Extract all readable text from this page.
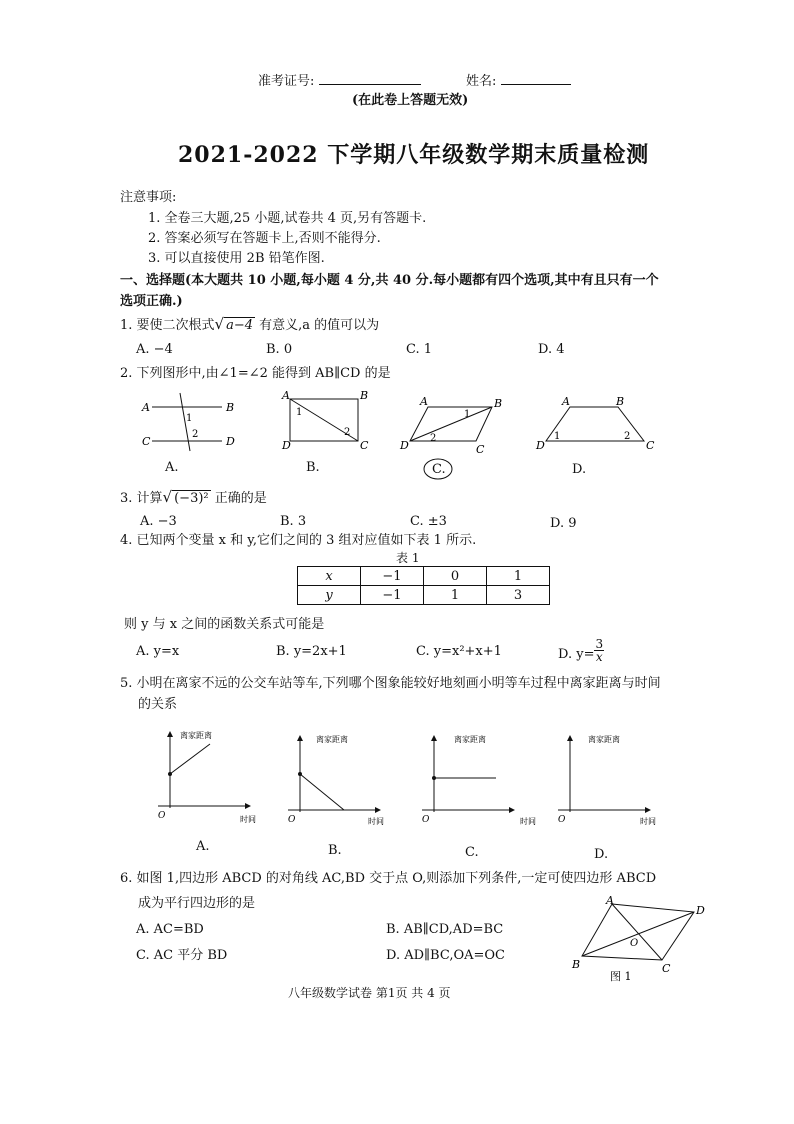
准考证号:	姓名:
(在此卷上答题无效)
2021-2022 下学期八年级数学期末质量检测
注意事项:
1. 全卷三大题,25 小题,试卷共 4 页,另有答题卡.
2. 答案必须写在答题卡上,否则不能得分.
3. 可以直接使用 2B 铅笔作图.
一、选择题(本大题共 10 小题,每小题 4 分,共 40 分.每小题都有四个选项,其中有且只有一个
选项正确.)
1. 要使二次根式√ a−4 有意义,a 的值可以为
A. −4	B. 0	C. 1	D. 4
2. 下列图形中,由∠1=∠2 能得到 AB∥CD 的是
A	B
C	D
1
2
A	B
D	C
1
2
A	B
D	C
1
2
A	B
D	C
1	2
A.	B.	C.	D.
3. 计算√ (−3)² 正确的是
A. −3	B. 3	C. ±3	D. 9
4. 已知两个变量 x 和 y,它们之间的 3 组对应值如下表 1 所示.
表 1
x	−1	0	1
y	−1	1	3
则 y 与 x 之间的函数关系式可能是
A. y=x	B. y=2x+1	C. y=x²+x+1	D. $y= \frac{3}{x}$
5. 小明在离家不远的公交车站等车,下列哪个图象能较好地刻画小明等车过程中离家距离与时间
的关系
离家距离
时间
O
离家距离
时间
O
离家距离
时间
O
离家距离
时间
O
A.	B.	C.	D.
6. 如图 1,四边形 ABCD 的对角线 AC,BD 交于点 O,则添加下列条件,一定可使四边形 ABCD
成为平行四边形的是
A. AC=BD	B. AB∥CD,AD=BC
C. AC 平分 BD	D. AD∥BC,OA=OC
A
D
B	C
O
图 1
八年级数学试卷 第1页 共 4 页
